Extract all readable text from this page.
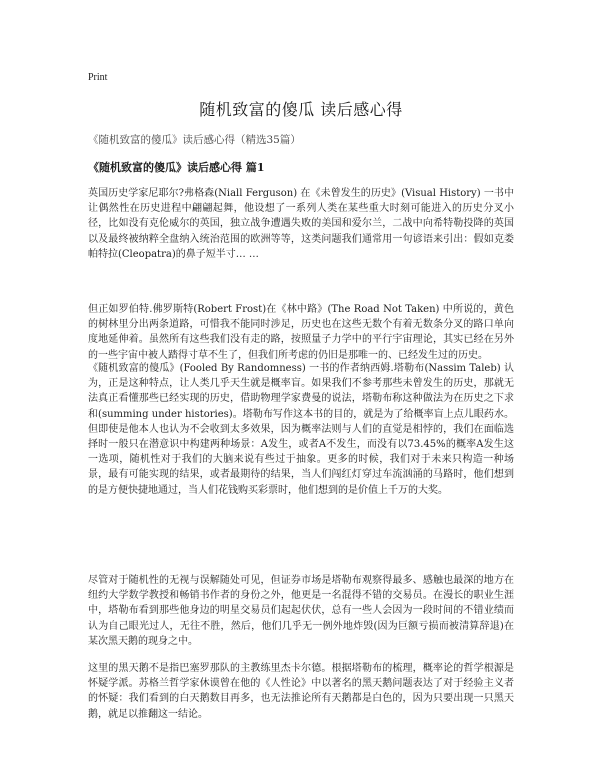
Print
随机致富的傻瓜 读后感心得

《随机致富的傻瓜》读后感心得（精选35篇）

《随机致富的傻瓜》读后感心得 篇1

英国历史学家尼耶尔?弗格森(Niall Ferguson) 在《未曾发生的历史》(Visual History) 一书中让偶然性在历史进程中翩翩起舞，他设想了一系列人类在某些重大时刻可能进入的历史分叉小径，比如没有克伦威尔的英国，独立战争遭遇失败的美国和爱尔兰，二战中向希特勒投降的英国以及最终被纳粹全盘纳入统治范围的欧洲等等，这类问题我们通常用一句谚语来引出：假如克娄帕特拉(Cleopatra)的鼻子短半寸… …

但正如罗伯特.佛罗斯特(Robert Frost)在《林中路》(The Road Not Taken) 中所说的，黄色的树林里分出两条道路，可惜我不能同时涉足，历史也在这些无数个有着无数条分叉的路口单向度地延伸着。虽然所有这些我们没有走的路，按照量子力学中的平行宇宙理论，其实已经在另外的一些宇宙中被人踏得寸草不生了，但我们所考虑的仍旧是那唯一的、已经发生过的历史。

《随机致富的傻瓜》(Fooled By Randomness) 一书的作者纳西姆.塔勒布(Nassim Taleb) 认为，正是这种特点，让人类几乎天生就是概率盲。如果我们不参考那些未曾发生的历史，那就无法真正看懂那些已经实现的历史，借助物理学家费曼的说法，塔勒布称这种做法为在历史之下求和(summing under histories)。塔勒布写作这本书的目的，就是为了给概率盲上点儿眼药水。但即使是他本人也认为不会收到太多效果，因为概率法则与人们的直觉是相悖的，我们在面临选择时一般只在潜意识中构建两种场景：A发生，或者A不发生，而没有以73.45%的概率A发生这一选项，随机性对于我们的大脑来说有些过于抽象。更多的时候，我们对于未来只构造一种场景，最有可能实现的结果，或者最期待的结果，当人们闯红灯穿过车流汹涌的马路时，他们想到的是方便快捷地通过，当人们花钱购买彩票时，他们想到的是价值上千万的大奖。

尽管对于随机性的无视与误解随处可见，但证券市场是塔勒布观察得最多、感触也最深的地方在纽约大学数学教授和畅销书作者的身份之外，他更是一名混得不错的交易员。在漫长的职业生涯中，塔勒布看到那些他身边的明星交易员们起起伏伏，总有一些人会因为一段时间的不错业绩而认为自己眼光过人，无往不胜，然后，他们几乎无一例外地炸毁(因为巨额亏损而被清算辞退)在某次黑天鹅的现身之中。

这里的黑天鹅不是指巴塞罗那队的主教练里杰卡尔德。根据塔勒布的梳理，概率论的哲学根源是怀疑学派。苏格兰哲学家休谟曾在他的《人性论》中以著名的黑天鹅问题表达了对于经验主义者的怀疑：我们看到的白天鹅数目再多，也无法推论所有天鹅都是白色的，因为只要出现一只黑天鹅，就足以推翻这一结论。
